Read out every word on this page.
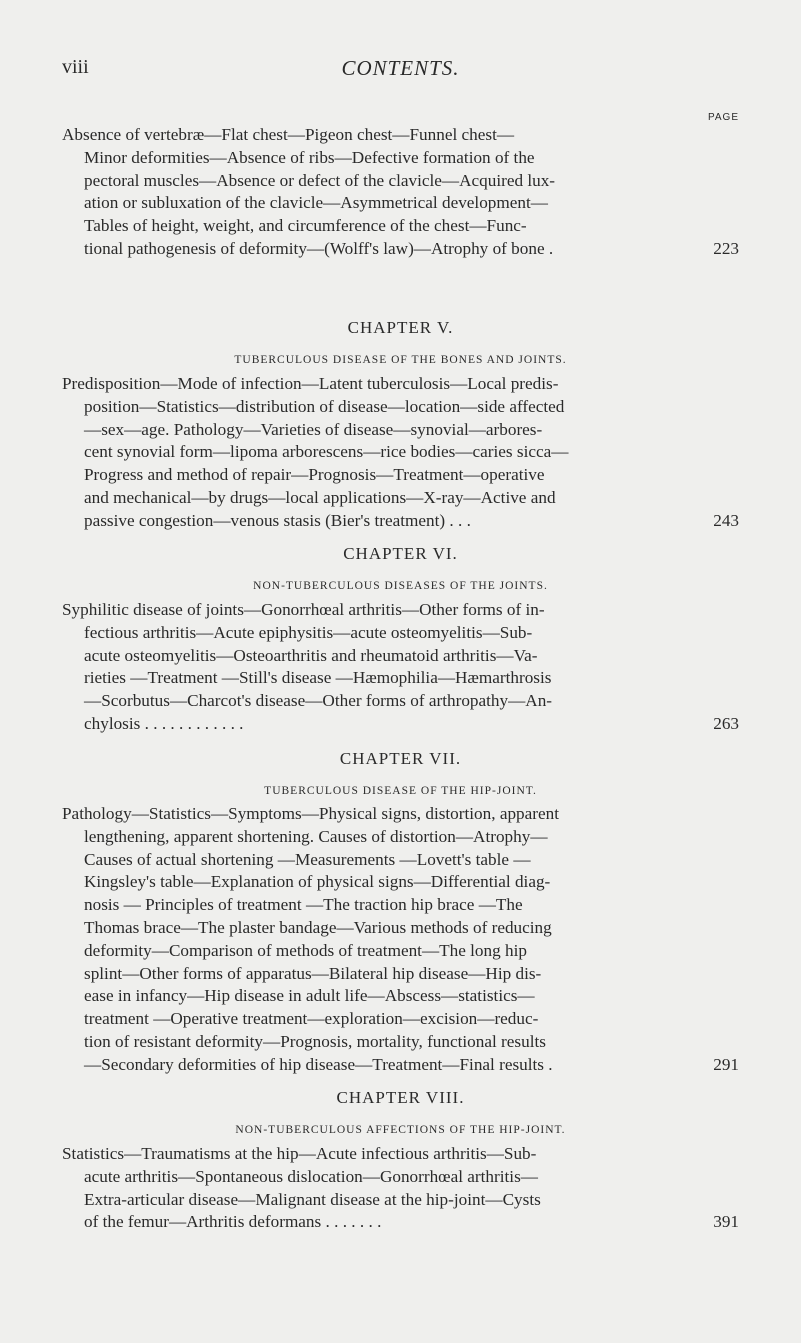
viii	CONTENTS.
PAGE
Absence of vertebræ—Flat chest—Pigeon chest—Funnel chest—
Minor deformities—Absence of ribs—Defective formation of the
pectoral muscles—Absence or defect of the clavicle—Acquired lux-
ation or subluxation of the clavicle—Asymmetrical development—
Tables of height, weight, and circumference of the chest—Func-
tional pathogenesis of deformity—(Wolff's law)—Atrophy of bone .	223
CHAPTER V.
TUBERCULOUS DISEASE OF THE BONES AND JOINTS.
Predisposition—Mode of infection—Latent tuberculosis—Local predis-
position—Statistics—distribution of disease—location—side affected
—sex—age. Pathology—Varieties of disease—synovial—arbores-
cent synovial form—lipoma arborescens—rice bodies—caries sicca—
Progress and method of repair—Prognosis—Treatment—operative
and mechanical—by drugs—local applications—X-ray—Active and
passive congestion—venous stasis (Bier's treatment) . . .	243
CHAPTER VI.
NON-TUBERCULOUS DISEASES OF THE JOINTS.
Syphilitic disease of joints—Gonorrhœal arthritis—Other forms of in-
fectious arthritis—Acute epiphysitis—acute osteomyelitis—Sub-
acute osteomyelitis—Osteoarthritis and rheumatoid arthritis—Va-
rieties —Treatment —Still's disease —Hæmophilia—Hæmarthrosis
—Scorbutus—Charcot's disease—Other forms of arthropathy—An-
chylosis . . . . . . . . . . . .	263
CHAPTER VII.
TUBERCULOUS DISEASE OF THE HIP-JOINT.
Pathology—Statistics—Symptoms—Physical signs, distortion, apparent
lengthening, apparent shortening. Causes of distortion—Atrophy—
Causes of actual shortening —Measurements —Lovett's table —
Kingsley's table—Explanation of physical signs—Differential diag-
nosis — Principles of treatment —The traction hip brace —The
Thomas brace—The plaster bandage—Various methods of reducing
deformity—Comparison of methods of treatment—The long hip
splint—Other forms of apparatus—Bilateral hip disease—Hip dis-
ease in infancy—Hip disease in adult life—Abscess—statistics—
treatment —Operative treatment—exploration—excision—reduc-
tion of resistant deformity—Prognosis, mortality, functional results
—Secondary deformities of hip disease—Treatment—Final results .	291
CHAPTER VIII.
NON-TUBERCULOUS AFFECTIONS OF THE HIP-JOINT.
Statistics—Traumatisms at the hip—Acute infectious arthritis—Sub-
acute arthritis—Spontaneous dislocation—Gonorrhœal arthritis—
Extra-articular disease—Malignant disease at the hip-joint—Cysts
of the femur—Arthritis deformans . . . . . . .	391
